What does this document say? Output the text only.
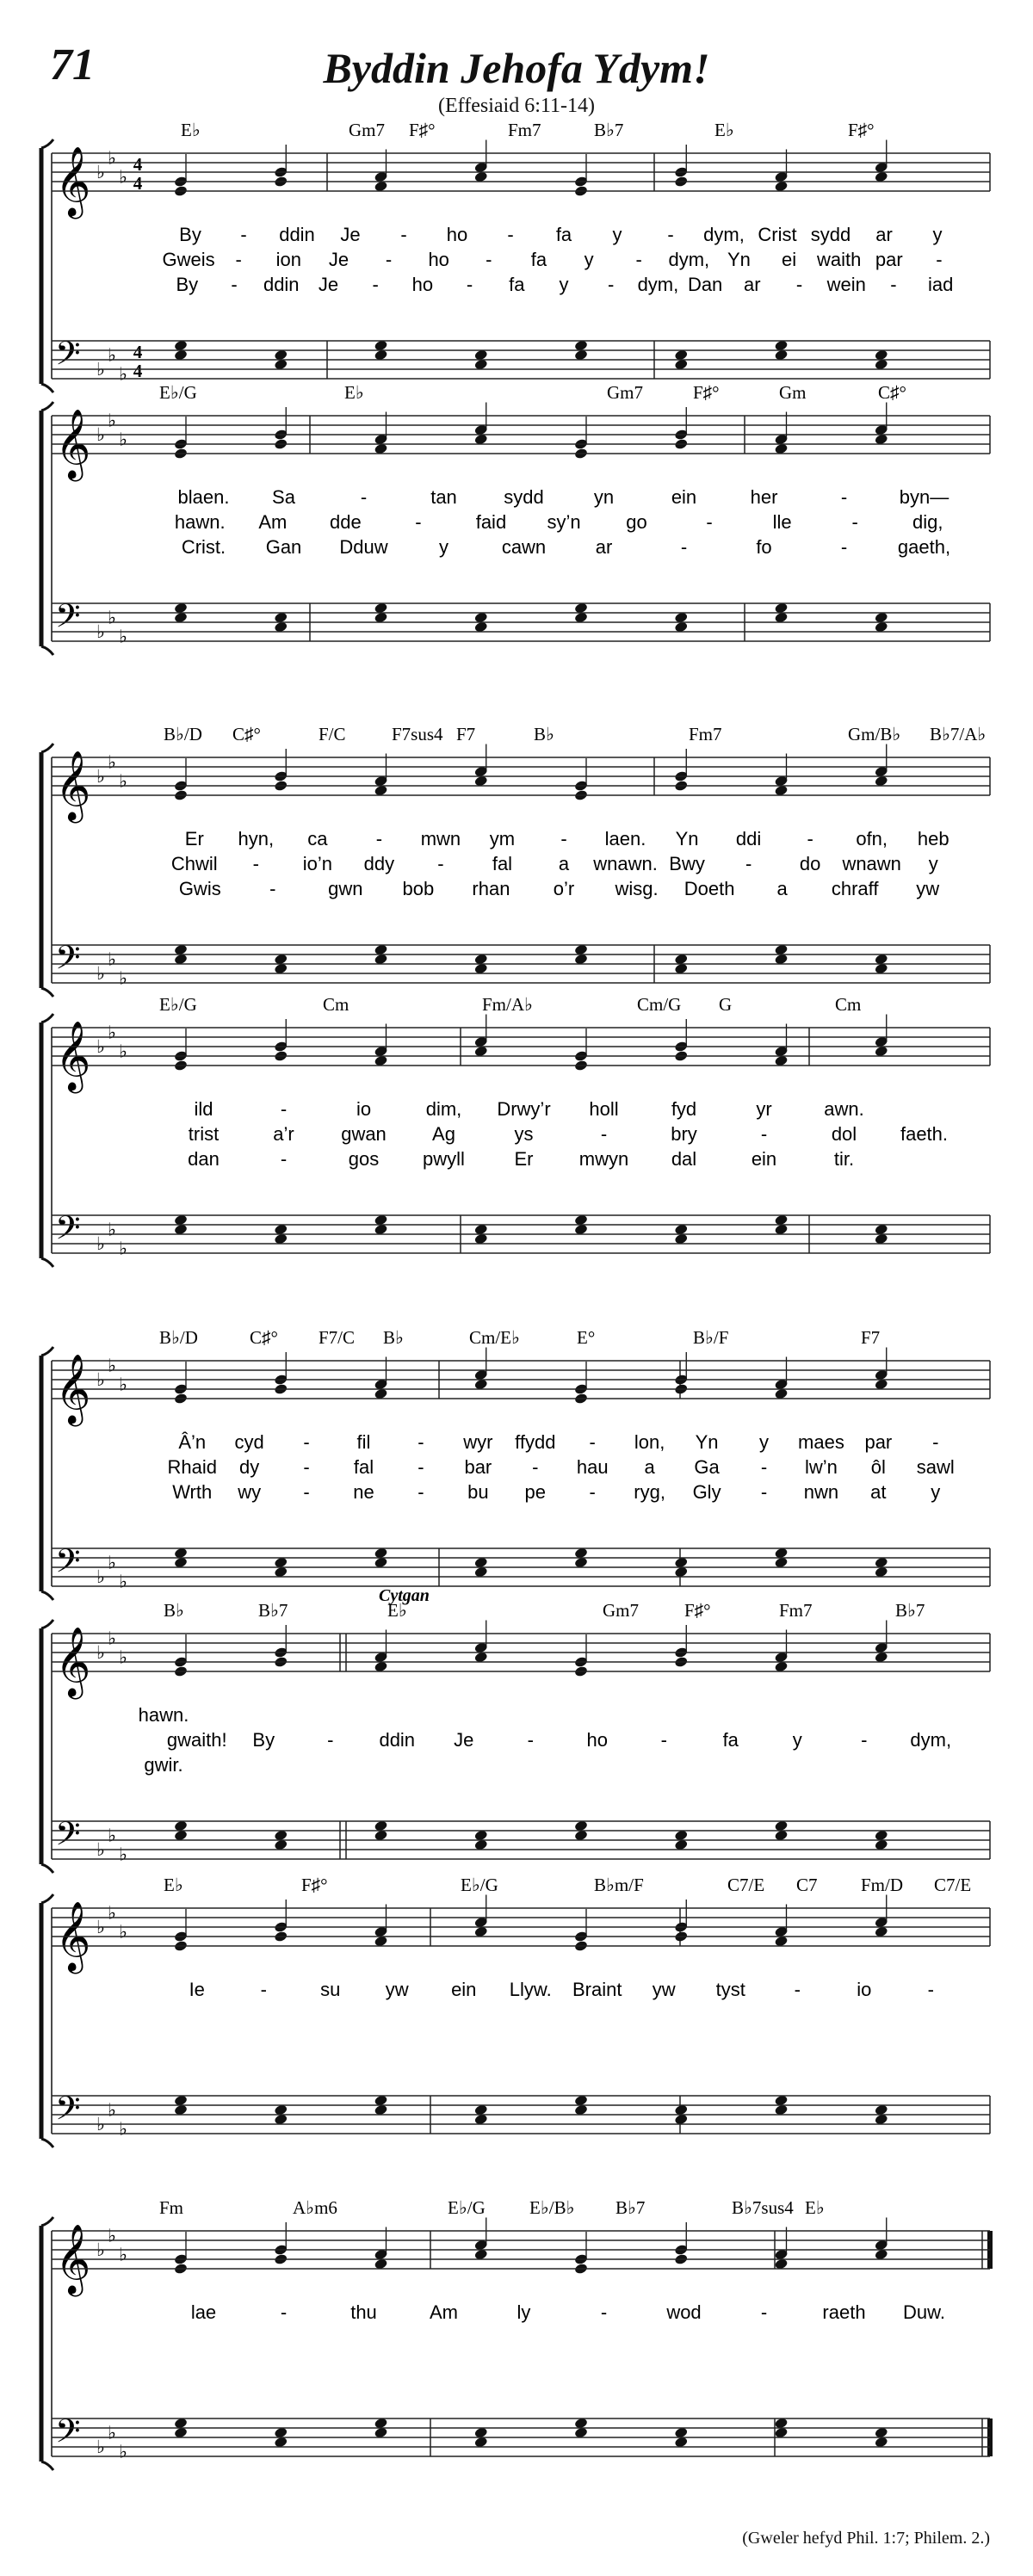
71	Byddin Jehofa Ydym!
(Effesiaid 6:11-14)
𝄞
𝄢
♭
♭
♭
♭
♭
♭
4
4
4
4
E♭	Gm7 F♯°	Fm7	B♭7	E♭	F♯°
By - ddin Je - ho - fa y - dym, Crist sydd ar y
Gweis - ion Je - ho - fa y - dym, Yn ei waith par -
By - ddin Je - ho - fa y - dym, Dan ar - wein - iad
𝄞
𝄢
♭
♭
♭
♭
♭
♭
E♭/G	E♭	Gm7	F♯°	Gm	C♯°
blaen. Sa	-	tan sydd	yn	ein	her	-	byn—
hawn. Am dde	-	faid sy’n go	-	lle	-	dig,
Crist. Gan Dduw	y	cawn	ar	-	fo	-	gaeth,
𝄞
𝄢
♭
♭
♭
♭
♭
♭
B♭/D C♯°	F/C	F7sus4 F7	B♭	Fm7	Gm/B♭ B♭7/A♭
Er hyn, ca	- mwn ym - laen. Yn ddi - ofn, heb
Chwil - io’n ddy -	fal a wnawn. Bwy -	do wnawn y
Gwis	-	gwn bob rhan o’r wisg. Doeth a chraff yw
𝄞
𝄢
♭
♭
♭
♭
♭
♭
E♭/G	Cm	Fm/A♭	Cm/G G	Cm
ild	-	io	dim, Drwy’r holl	fyd	yr	awn.
trist	a’r gwan Ag	ys	-	bry	-	dol faeth.
dan	-	gos pwyll	Er mwyn dal	ein	tir.
𝄞
𝄢
♭
♭
♭
♭
♭
♭
B♭/D	C♯° F7/C B♭	Cm/E♭	E°	B♭/F	F7
Â’n cyd - fil - wyr ffydd - lon, Yn y maes par -
Rhaid dy - fal - bar - hau a Ga - lw’n ôl sawl
Wrth wy - ne - bu pe - ryg, Gly - nwn at y
𝄞
𝄢
♭
♭
♭
♭
♭
♭
Cytgan
B♭	B♭7	E♭	Gm7	F♯°	Fm7	B♭7
hawn.
gwaith! By	- ddin Je	-	ho	-	fa	y	- dym,
gwir.
𝄞
𝄢
♭
♭
♭
♭
♭
♭
E♭	F♯°	E♭/G	B♭m/F	C7/E C7 Fm/D C7/E
Ie	-	su yw ein Llyw. Braint yw tyst	-	io	-
𝄞
𝄢
♭
♭
♭
♭
♭
♭
Fm	A♭m6	E♭/G E♭/B♭ B♭7	B♭7sus4 E♭
lae	-	thu	Am	ly	-	wod	-	raeth Duw.
(Gweler hefyd Phil. 1:7; Philem. 2.)
